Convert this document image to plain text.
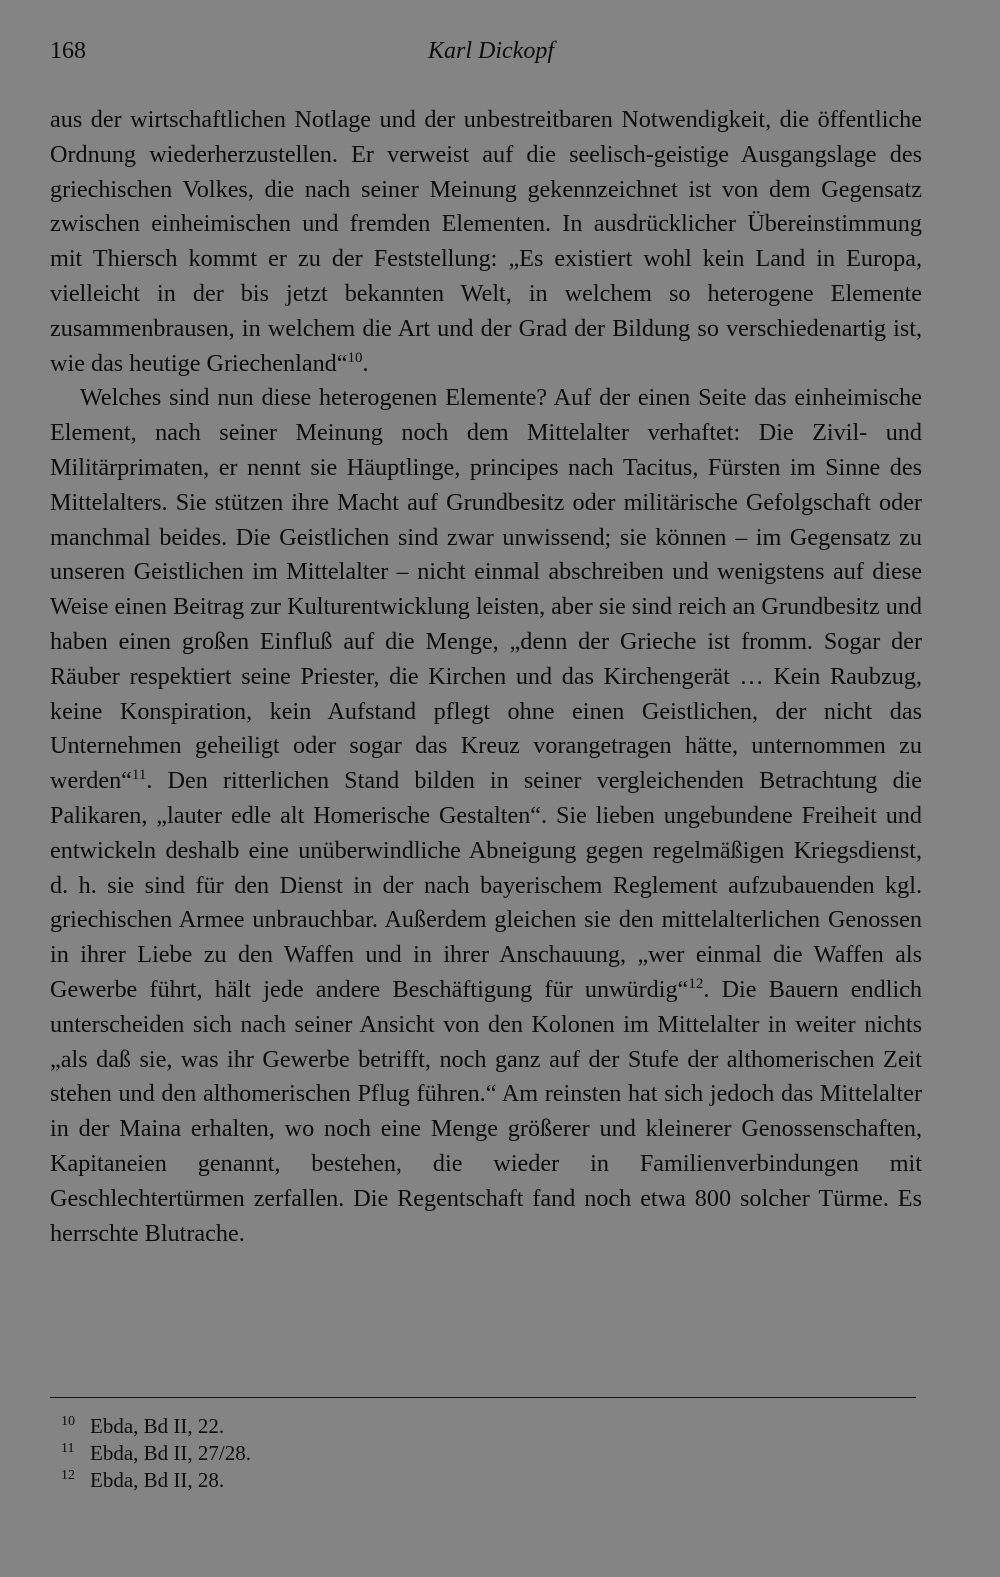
168	Karl Dickopf

aus der wirtschaftlichen Notlage und der unbestreitbaren Notwendigkeit, die öffentliche Ordnung wiederherzustellen. Er verweist auf die seelisch-geistige Ausgangslage des griechischen Volkes, die nach seiner Meinung gekennzeichnet ist von dem Gegensatz zwischen einheimischen und fremden Elementen. In ausdrücklicher Übereinstimmung mit Thiersch kommt er zu der Feststellung: „Es existiert wohl kein Land in Europa, vielleicht in der bis jetzt bekannten Welt, in welchem so heterogene Elemente zusammenbrausen, in welchem die Art und der Grad der Bildung so verschiedenartig ist, wie das heutige Griechenland“$^{10}$.

Welches sind nun diese heterogenen Elemente? Auf der einen Seite das einheimische Element, nach seiner Meinung noch dem Mittelalter verhaftet: Die Zivil- und Militärprimaten, er nennt sie Häuptlinge, principes nach Tacitus, Fürsten im Sinne des Mittelalters. Sie stützen ihre Macht auf Grundbesitz oder militärische Gefolgschaft oder manchmal beides. Die Geistlichen sind zwar unwissend; sie können – im Gegensatz zu unseren Geistlichen im Mittelalter – nicht einmal abschreiben und wenigstens auf diese Weise einen Beitrag zur Kulturentwicklung leisten, aber sie sind reich an Grundbesitz und haben einen großen Einfluß auf die Menge, „denn der Grieche ist fromm. Sogar der Räuber respektiert seine Priester, die Kirchen und das Kirchengerät … Kein Raubzug, keine Konspiration, kein Aufstand pflegt ohne einen Geistlichen, der nicht das Unternehmen geheiligt oder sogar das Kreuz vorangetragen hätte, unternommen zu werden“$^{11}$. Den ritterlichen Stand bilden in seiner vergleichenden Betrachtung die Palikaren, „lauter edle alt Homerische Gestalten“. Sie lieben ungebundene Freiheit und entwickeln deshalb eine unüberwindliche Abneigung gegen regelmäßigen Kriegsdienst, d. h. sie sind für den Dienst in der nach bayerischem Reglement aufzubauenden kgl. griechischen Armee unbrauchbar. Außerdem gleichen sie den mittelalterlichen Genossen in ihrer Liebe zu den Waffen und in ihrer Anschauung, „wer einmal die Waffen als Gewerbe führt, hält jede andere Beschäftigung für unwürdig“$^{12}$. Die Bauern endlich unterscheiden sich nach seiner Ansicht von den Kolonen im Mittelalter in weiter nichts „als daß sie, was ihr Gewerbe betrifft, noch ganz auf der Stufe der althomerischen Zeit stehen und den althomerischen Pflug führen.“ Am reinsten hat sich jedoch das Mittelalter in der Maina erhalten, wo noch eine Menge größerer und kleinerer Genossenschaften, Kapitaneien genannt, bestehen, die wieder in Familienverbindungen mit Geschlechtertürmen zerfallen. Die Regentschaft fand noch etwa 800 solcher Türme. Es herrschte Blutrache.

10 Ebda, Bd II, 22.
11 Ebda, Bd II, 27/28.
12 Ebda, Bd II, 28.
